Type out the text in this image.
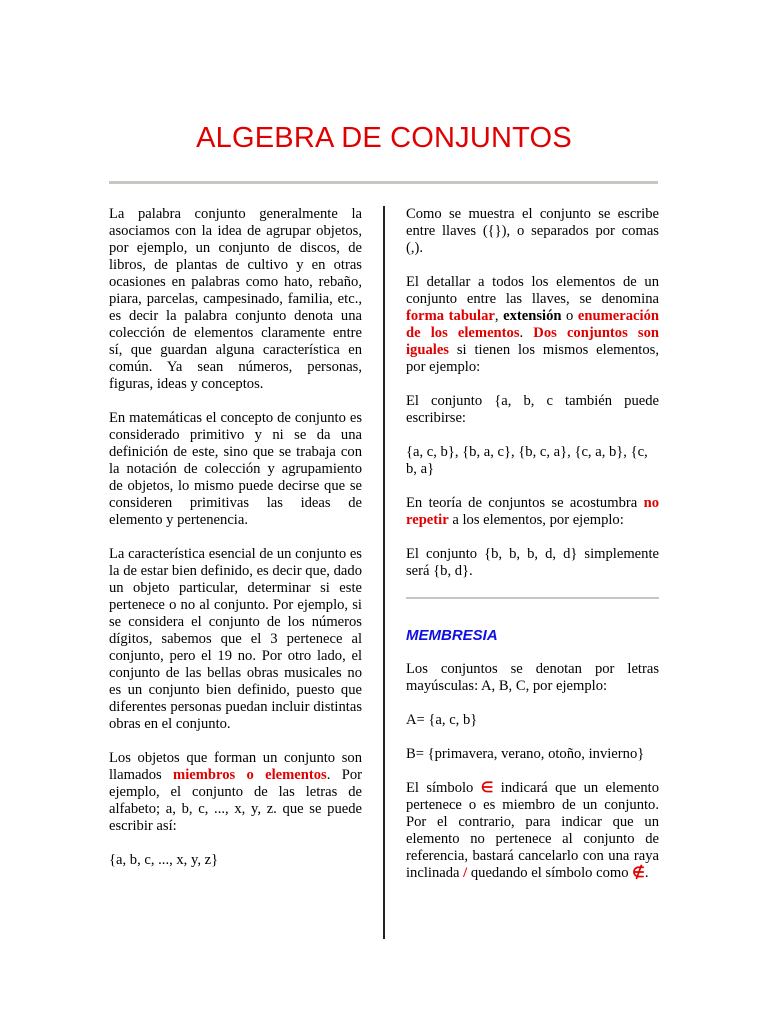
ALGEBRA DE CONJUNTOS

La palabra conjunto generalmente la asociamos con la idea de agrupar objetos, por ejemplo, un conjunto de discos, de libros, de plantas de cultivo y en otras ocasiones en palabras como hato, rebaño, piara, parcelas, campesinado, familia, etc., es decir la palabra conjunto denota una colección de elementos claramente entre sí, que guardan alguna característica en común. Ya sean números, personas, figuras, ideas y conceptos.

En matemáticas el concepto de conjunto es considerado primitivo y ni se da una definición de este, sino que se trabaja con la notación de colección y agrupamiento de objetos, lo mismo puede decirse que se consideren primitivas las ideas de elemento y pertenencia.

La característica esencial de un conjunto es la de estar bien definido, es decir que, dado un objeto particular, determinar si este pertenece o no al conjunto. Por ejemplo, si se considera el conjunto de los números dígitos, sabemos que el 3 pertenece al conjunto, pero el 19 no. Por otro lado, el conjunto de las bellas obras musicales no es un conjunto bien definido, puesto que diferentes personas puedan incluir distintas obras en el conjunto.

Los objetos que forman un conjunto son llamados miembros o elementos. Por ejemplo, el conjunto de las letras de alfabeto; a, b, c, ..., x, y, z. que se puede escribir así:

{a, b, c, ..., x, y, z}

Como se muestra el conjunto se escribe entre llaves ({}), o separados por comas (,).

El detallar a todos los elementos de un conjunto entre las llaves, se denomina forma tabular, extensión o enumeración de los elementos. Dos conjuntos son iguales si tienen los mismos elementos, por ejemplo:

El conjunto {a, b, c también puede escribirse:

{a, c, b}, {b, a, c}, {b, c, a}, {c, a, b}, {c, b, a}

En teoría de conjuntos se acostumbra no repetir a los elementos, por ejemplo:

El conjunto {b, b, b, d, d} simplemente será {b, d}.

MEMBRESIA

Los conjuntos se denotan por letras mayúsculas: A, B, C, por ejemplo:

A= {a, c, b}

B= {primavera, verano, otoño, invierno}

El símbolo ∈ indicará que un elemento pertenece o es miembro de un conjunto. Por el contrario, para indicar que un elemento no pertenece al conjunto de referencia, bastará cancelarlo con una raya inclinada / quedando el símbolo como ∉.
